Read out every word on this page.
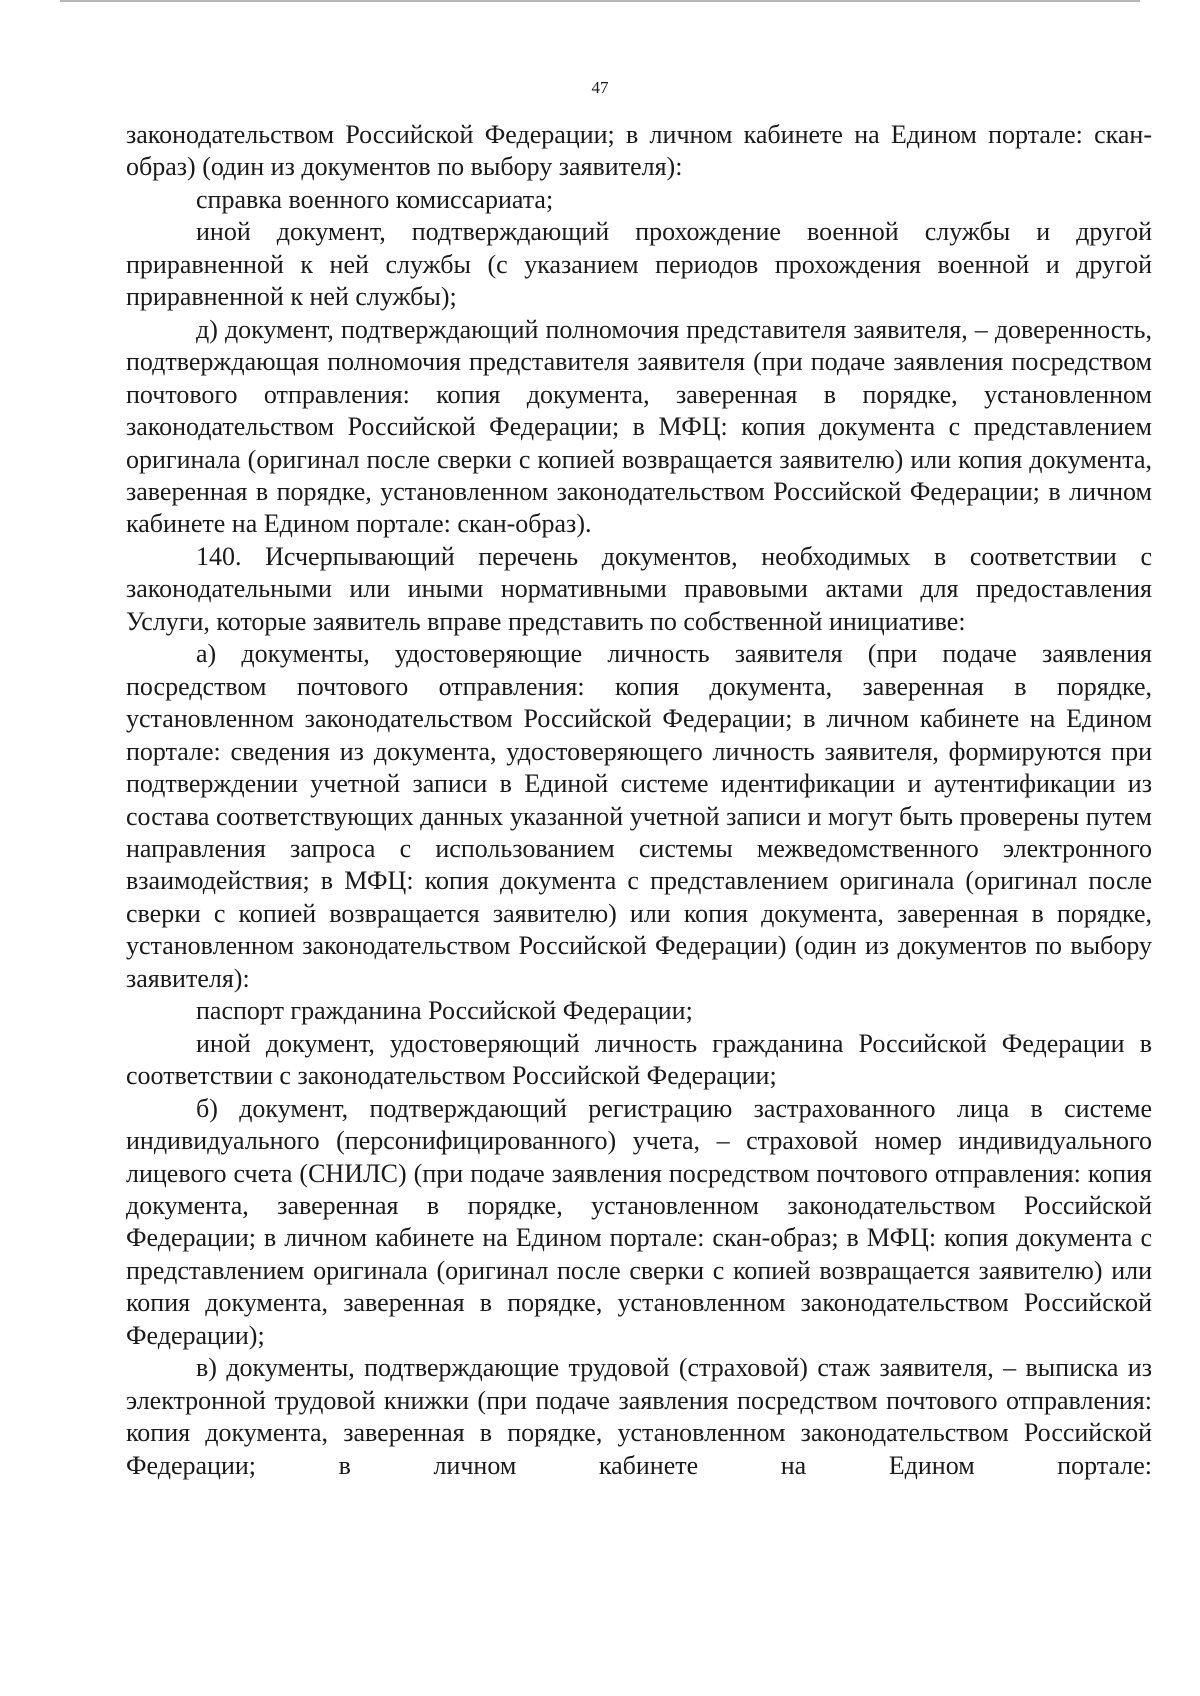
47

законодательством Российской Федерации; в личном кабинете на Едином портале: скан-образ) (один из документов по выбору заявителя):

справка военного комиссариата;

иной документ, подтверждающий прохождение военной службы и другой приравненной к ней службы (с указанием периодов прохождения военной и другой приравненной к ней службы);

д) документ, подтверждающий полномочия представителя заявителя, – доверенность, подтверждающая полномочия представителя заявителя (при подаче заявления посредством почтового отправления: копия документа, заверенная в порядке, установленном законодательством Российской Федерации; в МФЦ: копия документа с представлением оригинала (оригинал после сверки с копией возвращается заявителю) или копия документа, заверенная в порядке, установленном законодательством Российской Федерации; в личном кабинете на Едином портале: скан-образ).

140. Исчерпывающий перечень документов, необходимых в соответствии с законодательными или иными нормативными правовыми актами для предоставления Услуги, которые заявитель вправе представить по собственной инициативе:

а) документы, удостоверяющие личность заявителя (при подаче заявления посредством почтового отправления: копия документа, заверенная в порядке, установленном законодательством Российской Федерации; в личном кабинете на Едином портале: сведения из документа, удостоверяющего личность заявителя, формируются при подтверждении учетной записи в Единой системе идентификации и аутентификации из состава соответствующих данных указанной учетной записи и могут быть проверены путем направления запроса с использованием системы межведомственного электронного взаимодействия; в МФЦ: копия документа с представлением оригинала (оригинал после сверки с копией возвращается заявителю) или копия документа, заверенная в порядке, установленном законодательством Российской Федерации) (один из документов по выбору заявителя):

паспорт гражданина Российской Федерации;

иной документ, удостоверяющий личность гражданина Российской Федерации в соответствии с законодательством Российской Федерации;

б) документ, подтверждающий регистрацию застрахованного лица в системе индивидуального (персонифицированного) учета, – страховой номер индивидуального лицевого счета (СНИЛС) (при подаче заявления посредством почтового отправления: копия документа, заверенная в порядке, установленном законодательством Российской Федерации; в личном кабинете на Едином портале: скан-образ; в МФЦ: копия документа с представлением оригинала (оригинал после сверки с копией возвращается заявителю) или копия документа, заверенная в порядке, установленном законодательством Российской Федерации);

в) документы, подтверждающие трудовой (страховой) стаж заявителя, – выписка из электронной трудовой книжки (при подаче заявления посредством почтового отправления: копия документа, заверенная в порядке, установленном законодательством Российской Федерации; в личном кабинете на Едином портале:
